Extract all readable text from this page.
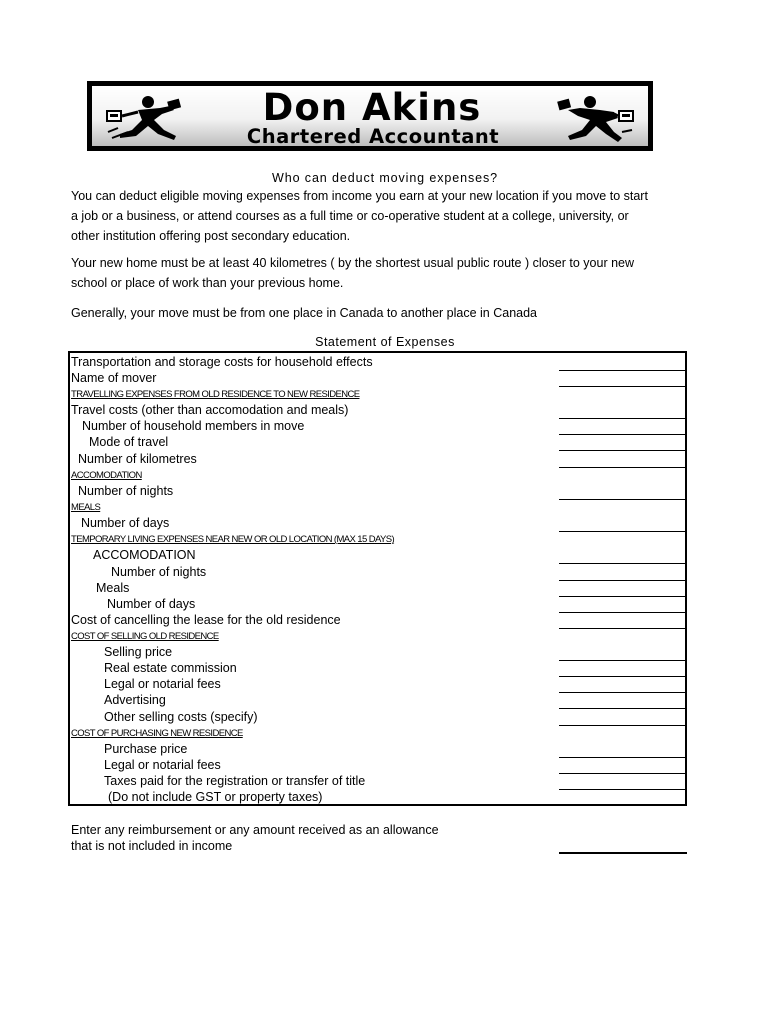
Don Akins
Chartered Accountant
Who can deduct moving expenses?
You can deduct eligible moving expenses from income you earn at your new location if you move to start
a job or a business, or attend courses as a full time or co-operative student at a college, university, or
other institution offering post secondary education.
Your new home must be at least 40 kilometres ( by the shortest usual public route ) closer to your new
school or place of work than your previous home.
Generally, your move must be from one place in Canada to another place in Canada
Statement of Expenses
Transportation and storage costs for household effects
Name of mover
TRAVELLING EXPENSES FROM OLD RESIDENCE TO NEW RESIDENCE
Travel costs (other than accomodation and meals)
Number of household members in move
Mode of travel
Number of kilometres
ACCOMODATION
Number of nights
MEALS
Number of days
TEMPORARY LIVING EXPENSES NEAR NEW OR OLD LOCATION (MAX 15 DAYS)
ACCOMODATION
Number of nights
Meals
Number of days
Cost of cancelling the lease for the old residence
COST OF SELLING OLD RESIDENCE
Selling price
Real estate commission
Legal or notarial fees
Advertising
Other selling costs (specify)
COST OF PURCHASING NEW RESIDENCE
Purchase price
Legal or notarial fees
Taxes paid for the registration or transfer of title
(Do not include GST or property taxes)
Enter any reimbursement or any amount received as an allowance
that is not included in income
